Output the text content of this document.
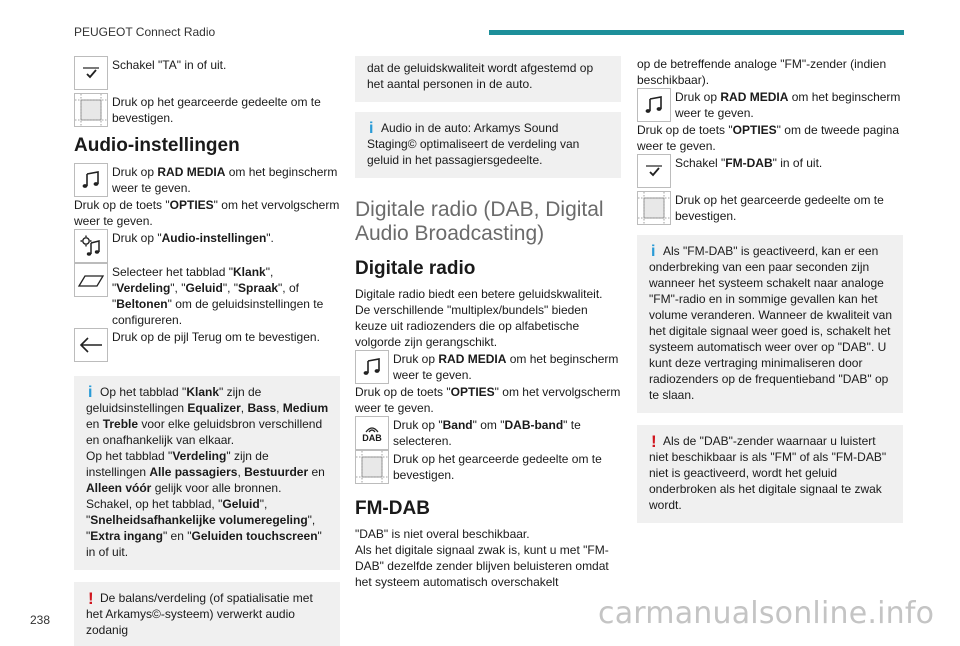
PEUGEOT Connect Radio

Schakel "TA" in of uit.

Druk op het gearceerde gedeelte om te bevestigen.

Audio-instellingen

Druk op RAD MEDIA om het beginscherm weer te geven.

Druk op de toets "OPTIES" om het vervolgscherm weer te geven.

Druk op "Audio-instellingen".

Selecteer het tabblad "Klank", "Verdeling", "Geluid", "Spraak", of "Beltonen" om de geluidsinstellingen te configureren.

Druk op de pijl Terug om te bevestigen.

i Op het tabblad "Klank" zijn de geluidsinstellingen Equalizer, Bass, Medium en Treble voor elke geluidsbron verschillend en onafhankelijk van elkaar.
Op het tabblad "Verdeling" zijn de instellingen Alle passagiers, Bestuurder en Alleen vóór gelijk voor alle bronnen.
Schakel, op het tabblad, "Geluid", "Snelheidsafhankelijke volumeregeling", "Extra ingang" en "Geluiden touchscreen" in of uit.

! De balans/verdeling (of spatialisatie met het Arkamys©-systeem) verwerkt audio zodanig

dat de geluidskwaliteit wordt afgestemd op het aantal personen in de auto.

i Audio in de auto: Arkamys Sound Staging© optimaliseert de verdeling van geluid in het passagiersgedeelte.

Digitale radio (DAB, Digital Audio Broadcasting)
Digitale radio

Digitale radio biedt een betere geluidskwaliteit.

De verschillende "multiplex/bundels" bieden keuze uit radiozenders die op alfabetische volgorde zijn gerangschikt.

Druk op RAD MEDIA om het beginscherm weer te geven.

Druk op de toets "OPTIES" om het vervolgscherm weer te geven.

DAB

Druk op "Band" om "DAB-band" te selecteren.

Druk op het gearceerde gedeelte om te bevestigen.

FM-DAB

"DAB" is niet overal beschikbaar.

Als het digitale signaal zwak is, kunt u met "FM-DAB" dezelfde zender blijven beluisteren omdat het systeem automatisch overschakelt

op de betreffende analoge "FM"-zender (indien beschikbaar).

Druk op RAD MEDIA om het beginscherm weer te geven.

Druk op de toets "OPTIES" om de tweede pagina weer te geven.

Schakel "FM-DAB" in of uit.

Druk op het gearceerde gedeelte om te bevestigen.

i Als "FM-DAB" is geactiveerd, kan er een onderbreking van een paar seconden zijn wanneer het systeem schakelt naar analoge "FM"-radio en in sommige gevallen kan het volume veranderen. Wanneer de kwaliteit van het digitale signaal weer goed is, schakelt het systeem automatisch weer over op "DAB". U kunt deze vertraging minimaliseren door radiozenders op de frequentieband "DAB" op te slaan.

! Als de "DAB"-zender waarnaar u luistert niet beschikbaar is als "FM" of als "FM-DAB" niet is geactiveerd, wordt het geluid onderbroken als het digitale signaal te zwak wordt.

238	carmanualsonline.info
